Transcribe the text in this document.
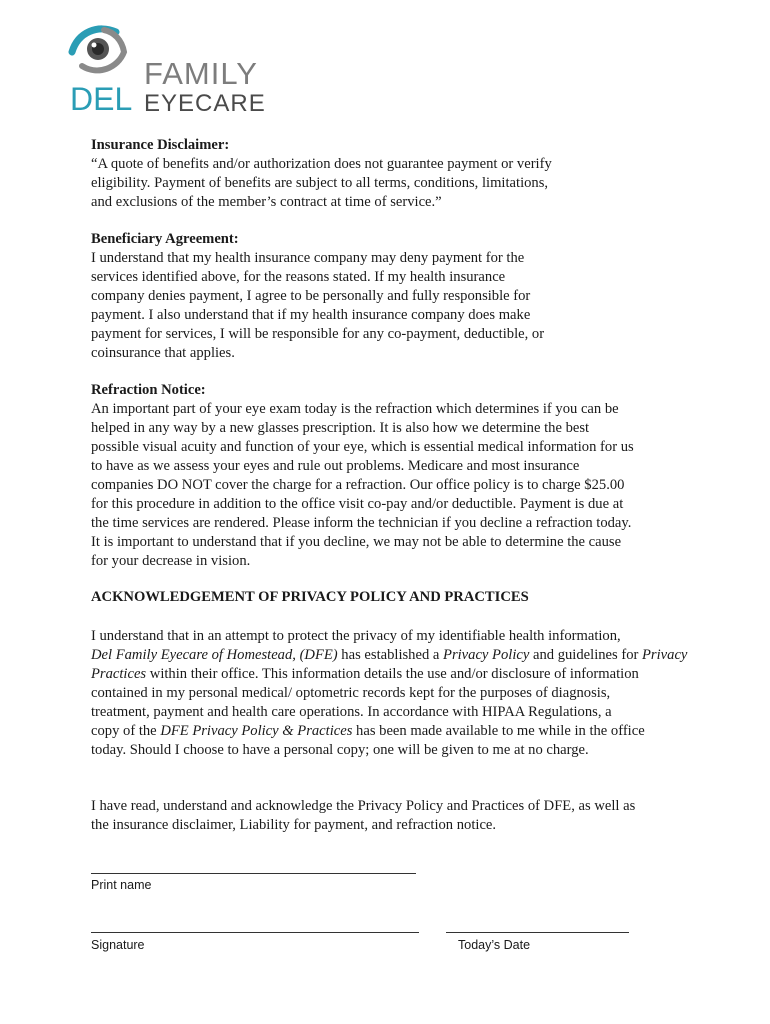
FAMILY
DEL EYECARE
Insurance Disclaimer:
“A quote of benefits and/or authorization does not guarantee payment or verify
eligibility. Payment of benefits are subject to all terms, conditions, limitations,
and exclusions of the member’s contract at time of service.”
Beneficiary Agreement:
I understand that my health insurance company may deny payment for the
services identified above, for the reasons stated. If my health insurance
company denies payment, I agree to be personally and fully responsible for
payment. I also understand that if my health insurance company does make
payment for services, I will be responsible for any co-payment, deductible, or
coinsurance that applies.
Refraction Notice:
An important part of your eye exam today is the refraction which determines if you can be
helped in any way by a new glasses prescription. It is also how we determine the best
possible visual acuity and function of your eye, which is essential medical information for us
to have as we assess your eyes and rule out problems. Medicare and most insurance
companies DO NOT cover the charge for a refraction. Our office policy is to charge $25.00
for this procedure in addition to the office visit co-pay and/or deductible. Payment is due at
the time services are rendered. Please inform the technician if you decline a refraction today.
It is important to understand that if you decline, we may not be able to determine the cause
for your decrease in vision.
ACKNOWLEDGEMENT OF PRIVACY POLICY AND PRACTICES
I understand that in an attempt to protect the privacy of my identifiable health information,
Del Family Eyecare of Homestead, (DFE) has established a Privacy Policy and guidelines for Privacy
Practices within their office. This information details the use and/or disclosure of information
contained in my personal medical/ optometric records kept for the purposes of diagnosis,
treatment, payment and health care operations. In accordance with HIPAA Regulations, a
copy of the DFE Privacy Policy & Practices has been made available to me while in the office
today. Should I choose to have a personal copy; one will be given to me at no charge.
I have read, understand and acknowledge the Privacy Policy and Practices of DFE, as well as
the insurance disclaimer, Liability for payment, and refraction notice.
Print name
Signature	Today’s Date
